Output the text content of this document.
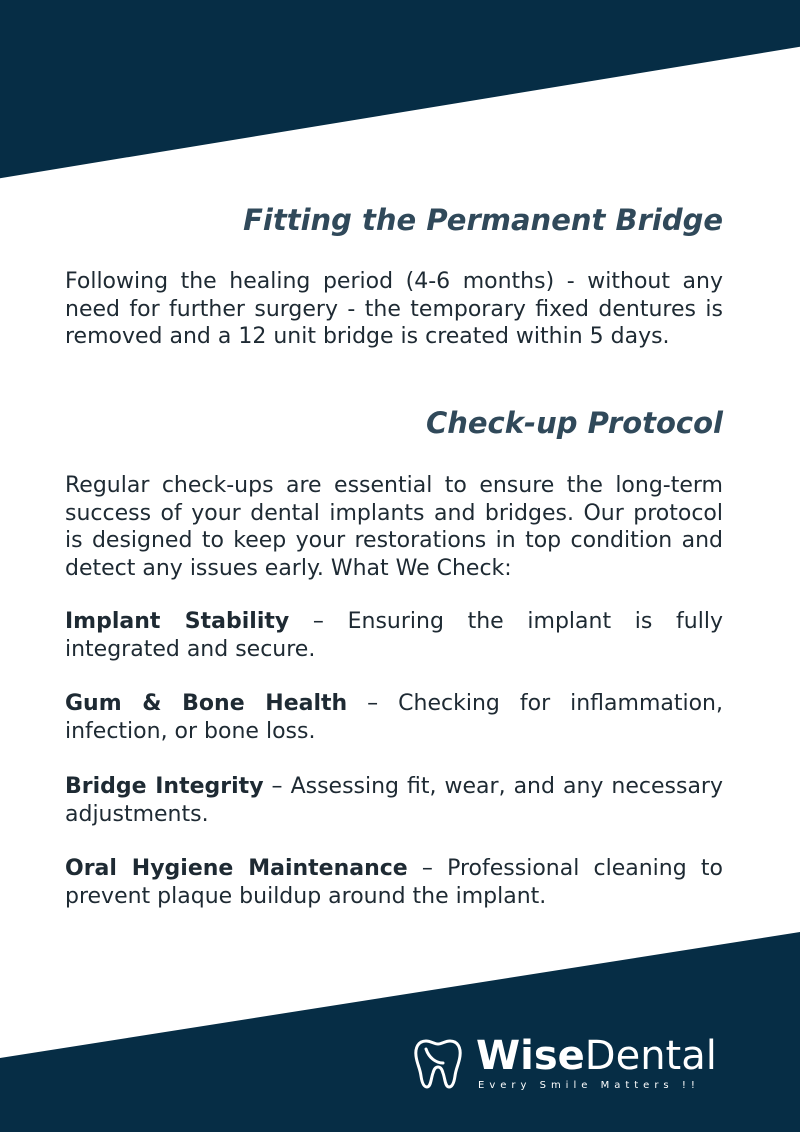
Fitting the Permanent Bridge

Following the healing period (4-6 months) - without any need for further surgery - the temporary fixed dentures is removed and a 12 unit bridge is created within 5 days.

Check-up Protocol

Regular check-ups are essential to ensure the long-term success of your dental implants and bridges. Our protocol is designed to keep your restorations in top condition and detect any issues early. What We Check:

Implant Stability – Ensuring the implant is fully integrated and secure.

Gum & Bone Health – Checking for inflammation, infection, or bone loss.

Bridge Integrity – Assessing fit, wear, and any necessary adjustments.

Oral Hygiene Maintenance – Professional cleaning to prevent plaque buildup around the implant.

WiseDental
Every Smile Matters !!
